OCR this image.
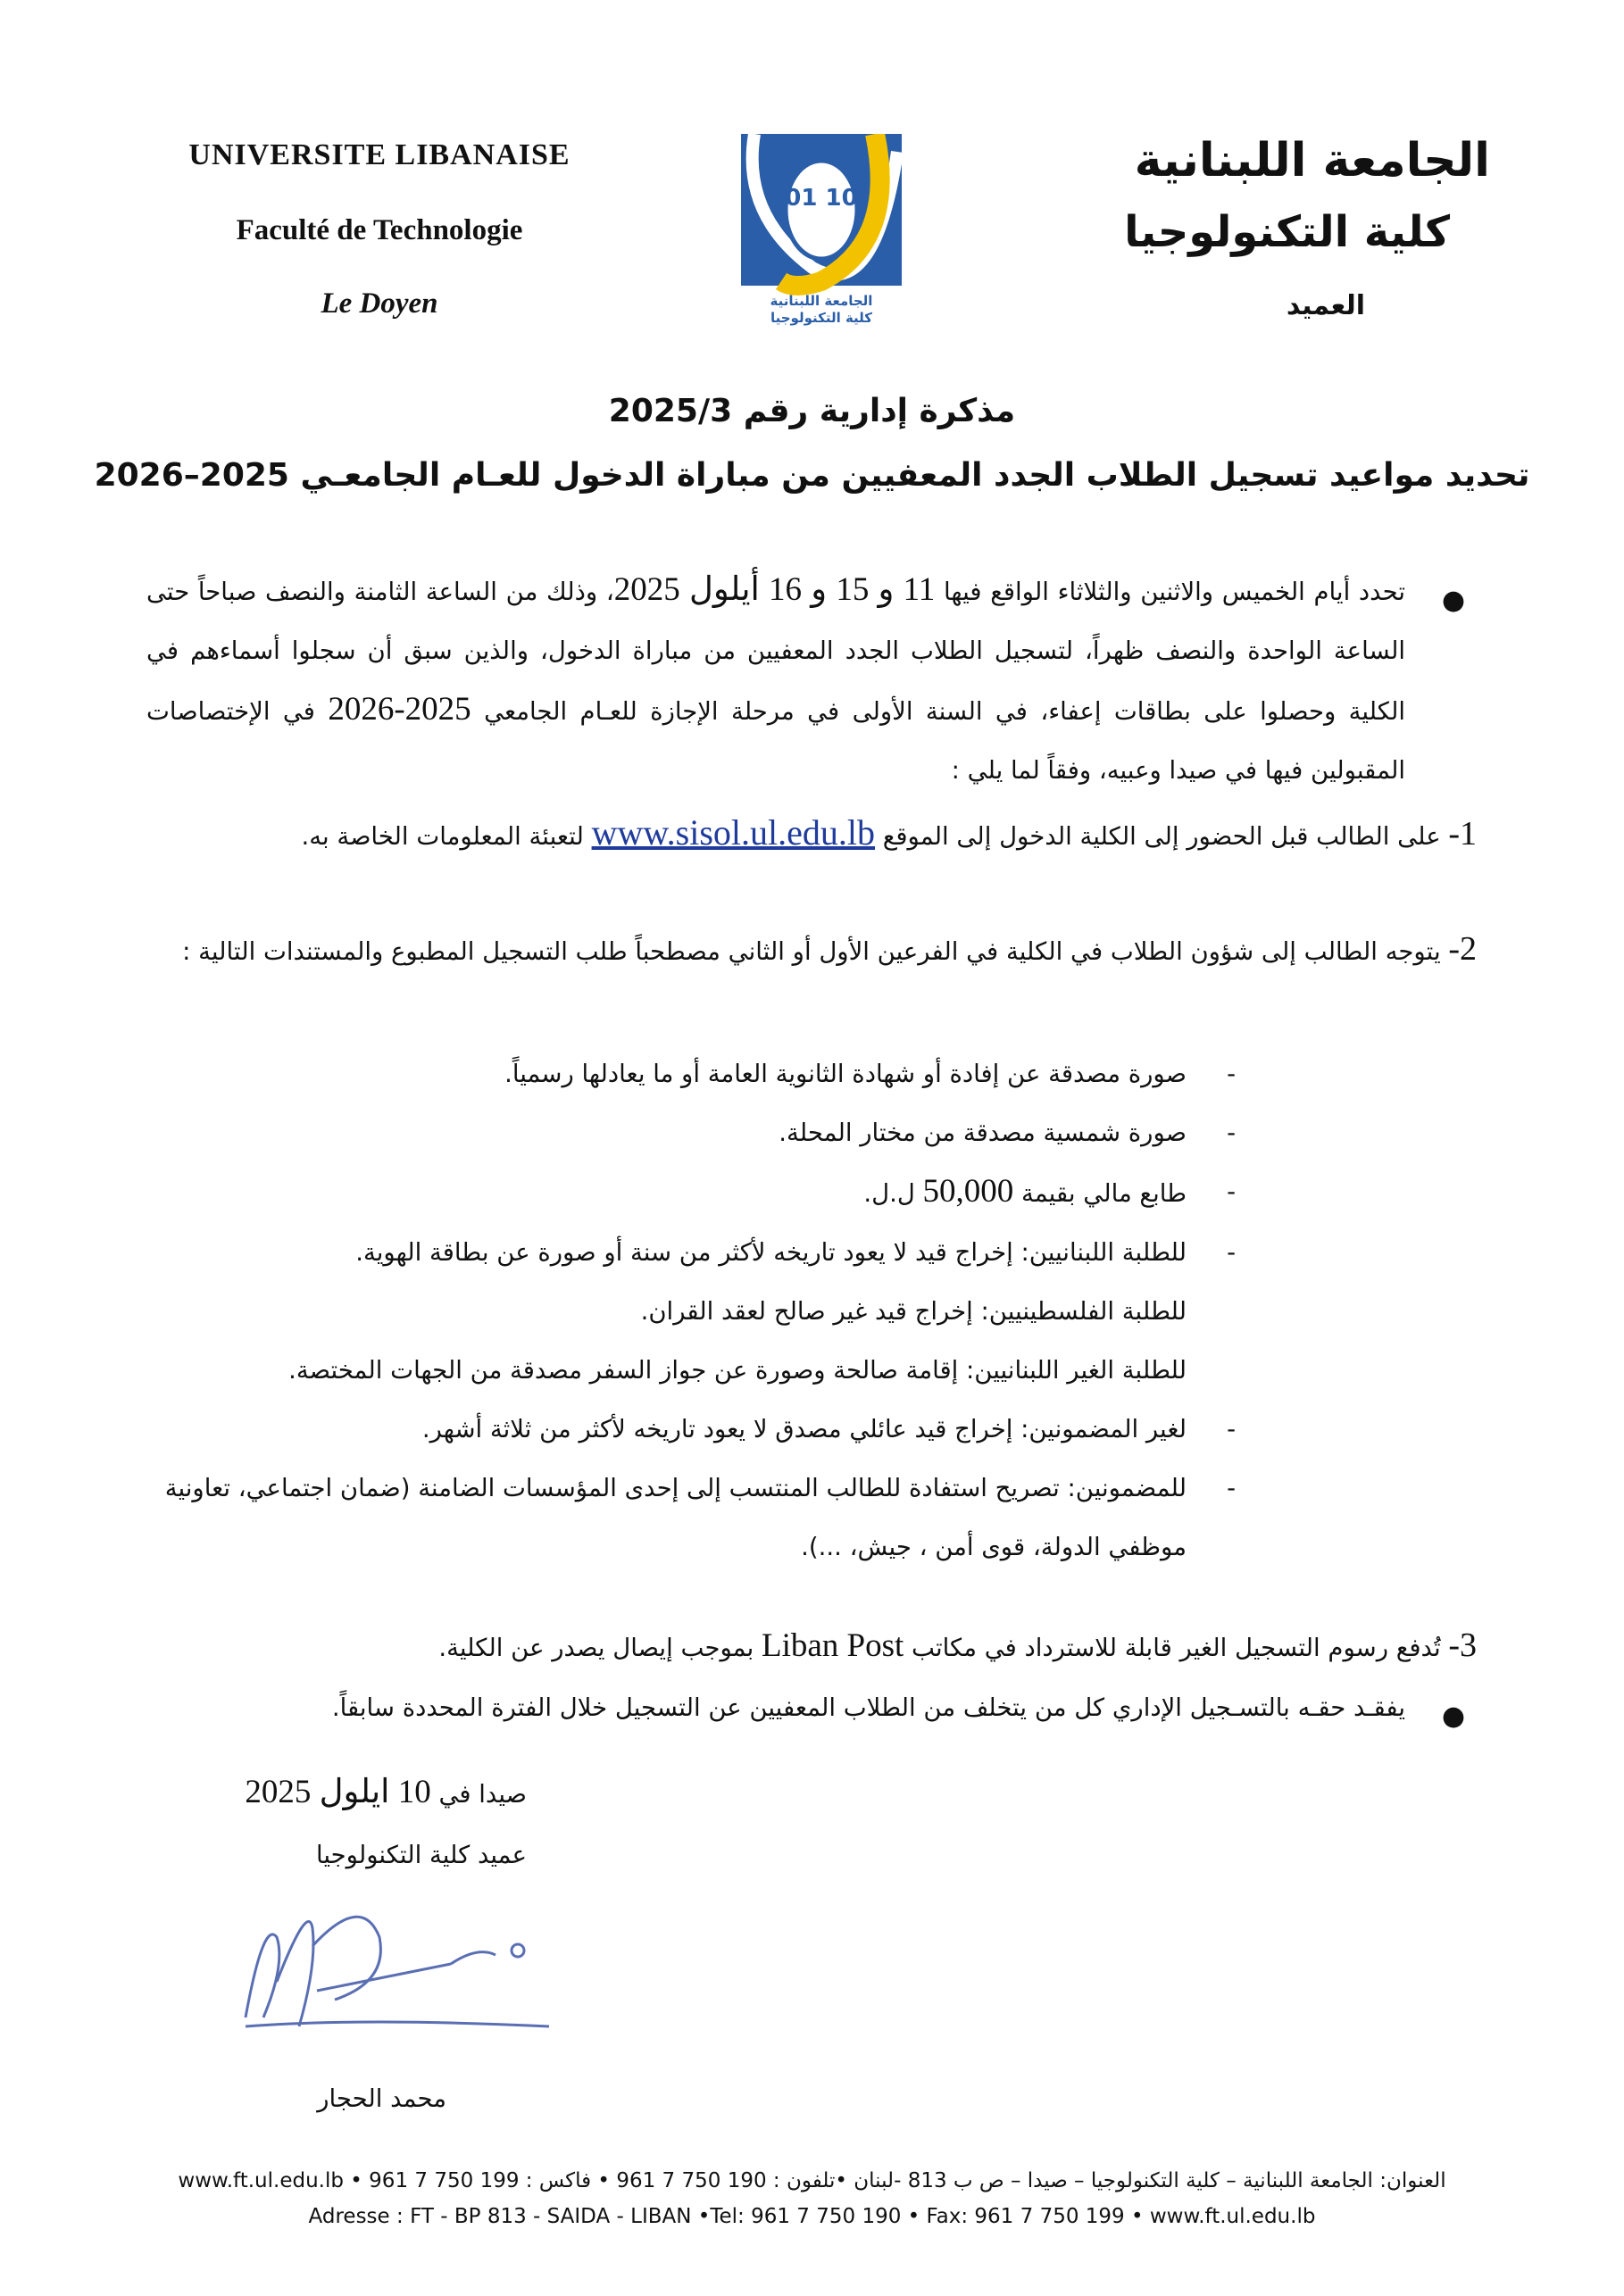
UNIVERSITE LIBANAISE
Faculté de Technologie
Le Doyen
الجامعة اللبنانية
كلية التكنولوجيا
العميد
01 10
الجامعة اللبنانية
كلية التكنولوجيا
مذكرة إدارية رقم 2025/3
تحديد مواعيد تسجيل الطلاب الجدد المعفيين من مباراة الدخول للعـام الجامعـي 2025–2026
●
تحدد أيام الخميس والاثنين والثلاثاء الواقع فيها 11 و 15 و 16 أيلول 2025، وذلك من الساعة الثامنة والنصف صباحاً حتى الساعة الواحدة والنصف ظهراً، لتسجيل الطلاب الجدد المعفيين من مباراة الدخول، والذين سبق أن سجلوا أسماءهم في الكلية وحصلوا على بطاقات إعفاء، في السنة الأولى في مرحلة الإجازة للعـام الجامعي 2025-2026 في الإختصاصات المقبولين فيها في صيدا وعبيه، وفقاً لما يلي :
1- على الطالب قبل الحضور إلى الكلية الدخول إلى الموقع www.sisol.ul.edu.lb لتعبئة المعلومات الخاصة به.
2- يتوجه الطالب إلى شؤون الطلاب في الكلية في الفرعين الأول أو الثاني مصطحباً طلب التسجيل المطبوع والمستندات التالية :
-
صورة مصدقة عن إفادة أو شهادة الثانوية العامة أو ما يعادلها رسمياً.
-
صورة شمسية مصدقة من مختار المحلة.
-
طابع مالي بقيمة 50,000 ل.ل.
-
للطلبة اللبنانيين: إخراج قيد لا يعود تاريخه لأكثر من سنة أو صورة عن بطاقة الهوية.
للطلبة الفلسطينيين: إخراج قيد غير صالح لعقد القران.
للطلبة الغير اللبنانيين: إقامة صالحة وصورة عن جواز السفر مصدقة من الجهات المختصة.
-
لغير المضمونين: إخراج قيد عائلي مصدق لا يعود تاريخه لأكثر من ثلاثة أشهر.
-
للمضمونين: تصريح استفادة للطالب المنتسب إلى إحدى المؤسسات الضامنة (ضمان اجتماعي، تعاونية موظفي الدولة، قوى أمن ، جيش، ...).
3- تُدفع رسوم التسجيل الغير قابلة للاسترداد في مكاتب Liban Post بموجب إيصال يصدر عن الكلية.
●
يفقـد حقـه بالتسـجيل الإداري كل من يتخلف من الطلاب المعفيين عن التسجيل خلال الفترة المحددة سابقاً.
صيدا في 10 ايلول 2025
عميد كلية التكنولوجيا
محمد الحجار
العنوان: الجامعة اللبنانية – كلية التكنولوجيا – صيدا – ص ب 813 -لبنان •تلفون : 190 750 7 961 • فاكس : 199 750 7 961 • www.ft.ul.edu.lb
Adresse : FT - BP 813 - SAIDA - LIBAN •Tel: 961 7 750 190 • Fax: 961 7 750 199 • www.ft.ul.edu.lb
